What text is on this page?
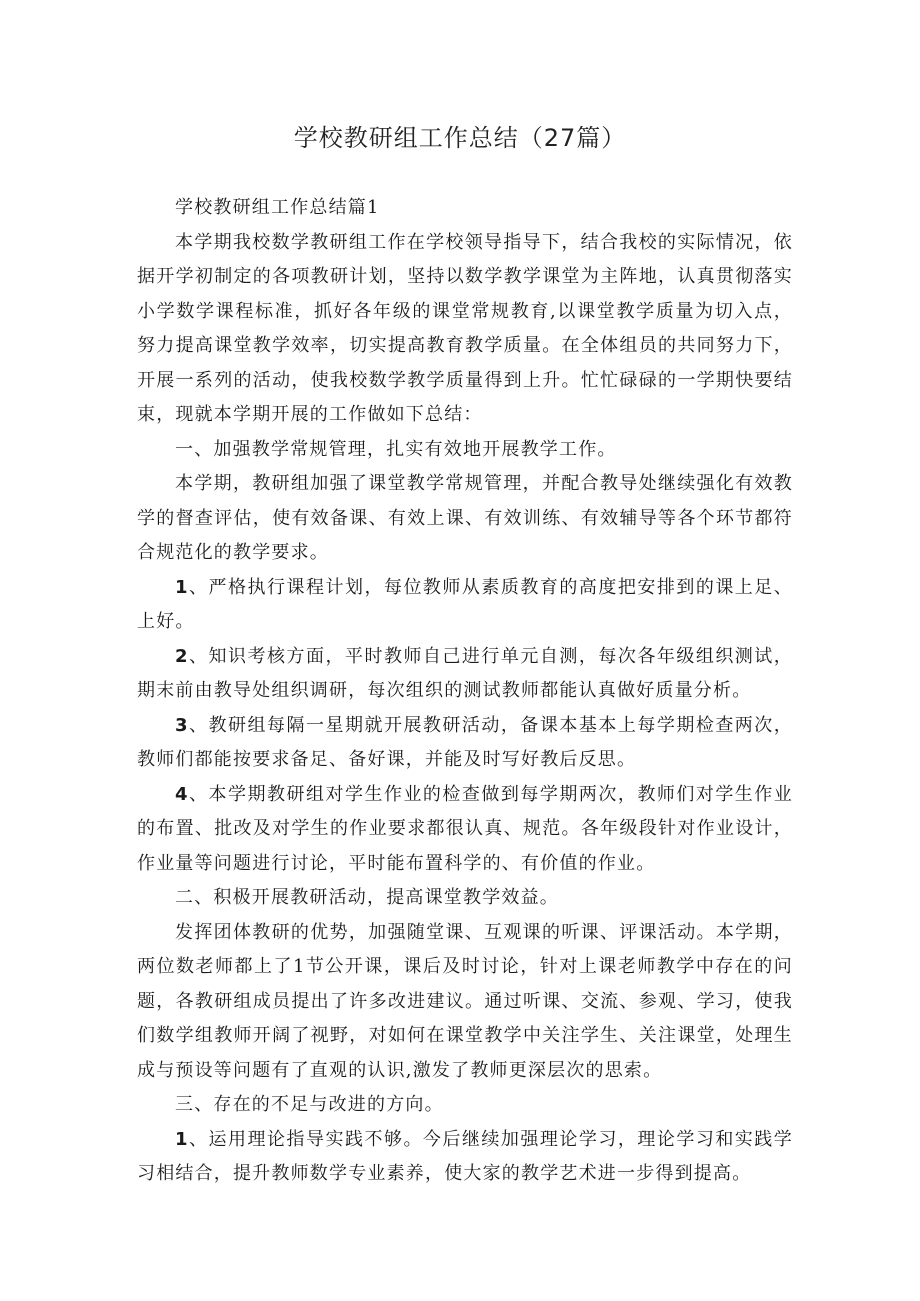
学校教研组工作总结（27篇）

学校教研组工作总结篇1

本学期我校数学教研组工作在学校领导指导下，结合我校的实际情况，依据开学初制定的各项教研计划，坚持以数学教学课堂为主阵地，认真贯彻落实小学数学课程标准，抓好各年级的课堂常规教育,以课堂教学质量为切入点，努力提高课堂教学效率，切实提高教育教学质量。在全体组员的共同努力下，开展一系列的活动，使我校数学教学质量得到上升。忙忙碌碌的一学期快要结束，现就本学期开展的工作做如下总结：

一、加强教学常规管理，扎实有效地开展教学工作。

本学期，教研组加强了课堂教学常规管理，并配合教导处继续强化有效教学的督查评估，使有效备课、有效上课、有效训练、有效辅导等各个环节都符合规范化的教学要求。

1、严格执行课程计划，每位教师从素质教育的高度把安排到的课上足、上好。

2、知识考核方面，平时教师自己进行单元自测，每次各年级组织测试，期末前由教导处组织调研，每次组织的测试教师都能认真做好质量分析。

3、教研组每隔一星期就开展教研活动，备课本基本上每学期检查两次，教师们都能按要求备足、备好课，并能及时写好教后反思。

4、本学期教研组对学生作业的检查做到每学期两次，教师们对学生作业的布置、批改及对学生的作业要求都很认真、规范。各年级段针对作业设计，作业量等问题进行讨论，平时能布置科学的、有价值的作业。

二、积极开展教研活动，提高课堂教学效益。

发挥团体教研的优势，加强随堂课、互观课的听课、评课活动。本学期，两位数老师都上了1节公开课，课后及时讨论，针对上课老师教学中存在的问题，各教研组成员提出了许多改进建议。通过听课、交流、参观、学习，使我们数学组教师开阔了视野，对如何在课堂教学中关注学生、关注课堂，处理生成与预设等问题有了直观的认识,激发了教师更深层次的思索。

三、存在的不足与改进的方向。

1、运用理论指导实践不够。今后继续加强理论学习，理论学习和实践学习相结合，提升教师数学专业素养，使大家的教学艺术进一步得到提高。
